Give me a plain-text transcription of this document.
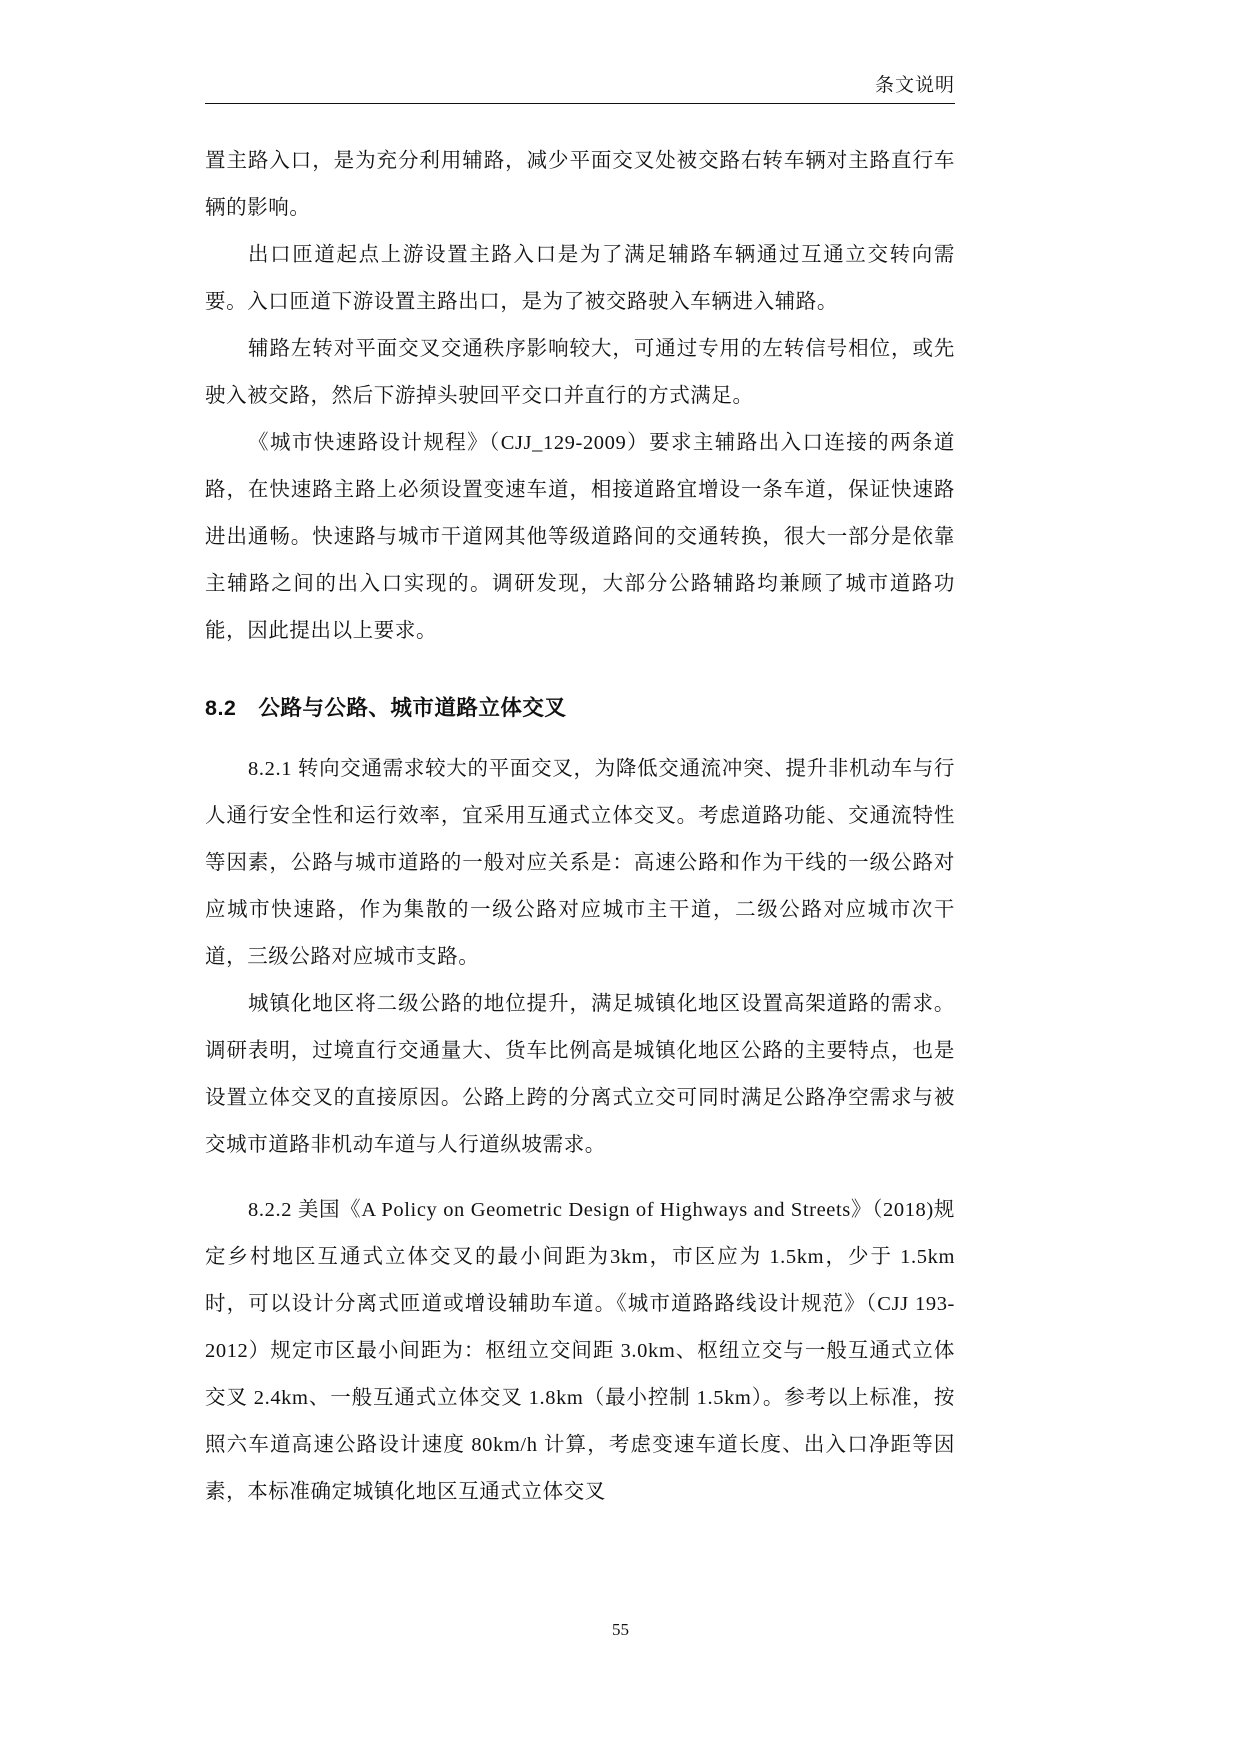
条文说明

置主路入口，是为充分利用辅路，减少平面交叉处被交路右转车辆对主路直行车辆的影响。

出口匝道起点上游设置主路入口是为了满足辅路车辆通过互通立交转向需要。入口匝道下游设置主路出口，是为了被交路驶入车辆进入辅路。

辅路左转对平面交叉交通秩序影响较大，可通过专用的左转信号相位，或先驶入被交路，然后下游掉头驶回平交口并直行的方式满足。

《城市快速路设计规程》（CJJ_129-2009）要求主辅路出入口连接的两条道路，在快速路主路上必须设置变速车道，相接道路宜增设一条车道，保证快速路进出通畅。快速路与城市干道网其他等级道路间的交通转换，很大一部分是依靠主辅路之间的出入口实现的。调研发现，大部分公路辅路均兼顾了城市道路功能，因此提出以上要求。

8.2 公路与公路、城市道路立体交叉

8.2.1 转向交通需求较大的平面交叉，为降低交通流冲突、提升非机动车与行人通行安全性和运行效率，宜采用互通式立体交叉。考虑道路功能、交通流特性等因素，公路与城市道路的一般对应关系是：高速公路和作为干线的一级公路对应城市快速路，作为集散的一级公路对应城市主干道，二级公路对应城市次干道，三级公路对应城市支路。

城镇化地区将二级公路的地位提升，满足城镇化地区设置高架道路的需求。调研表明，过境直行交通量大、货车比例高是城镇化地区公路的主要特点，也是设置立体交叉的直接原因。公路上跨的分离式立交可同时满足公路净空需求与被交城市道路非机动车道与人行道纵坡需求。

8.2.2 美国《A Policy on Geometric Design of Highways and Streets》（2018)规定乡村地区互通式立体交叉的最小间距为3km，市区应为 1.5km，少于 1.5km 时，可以设计分离式匝道或增设辅助车道。《城市道路路线设计规范》（CJJ 193-2012）规定市区最小间距为：枢纽立交间距 3.0km、枢纽立交与一般互通式立体交叉 2.4km、一般互通式立体交叉 1.8km（最小控制 1.5km）。参考以上标准，按照六车道高速公路设计速度 80km/h 计算，考虑变速车道长度、出入口净距等因素，本标准确定城镇化地区互通式立体交叉

55
